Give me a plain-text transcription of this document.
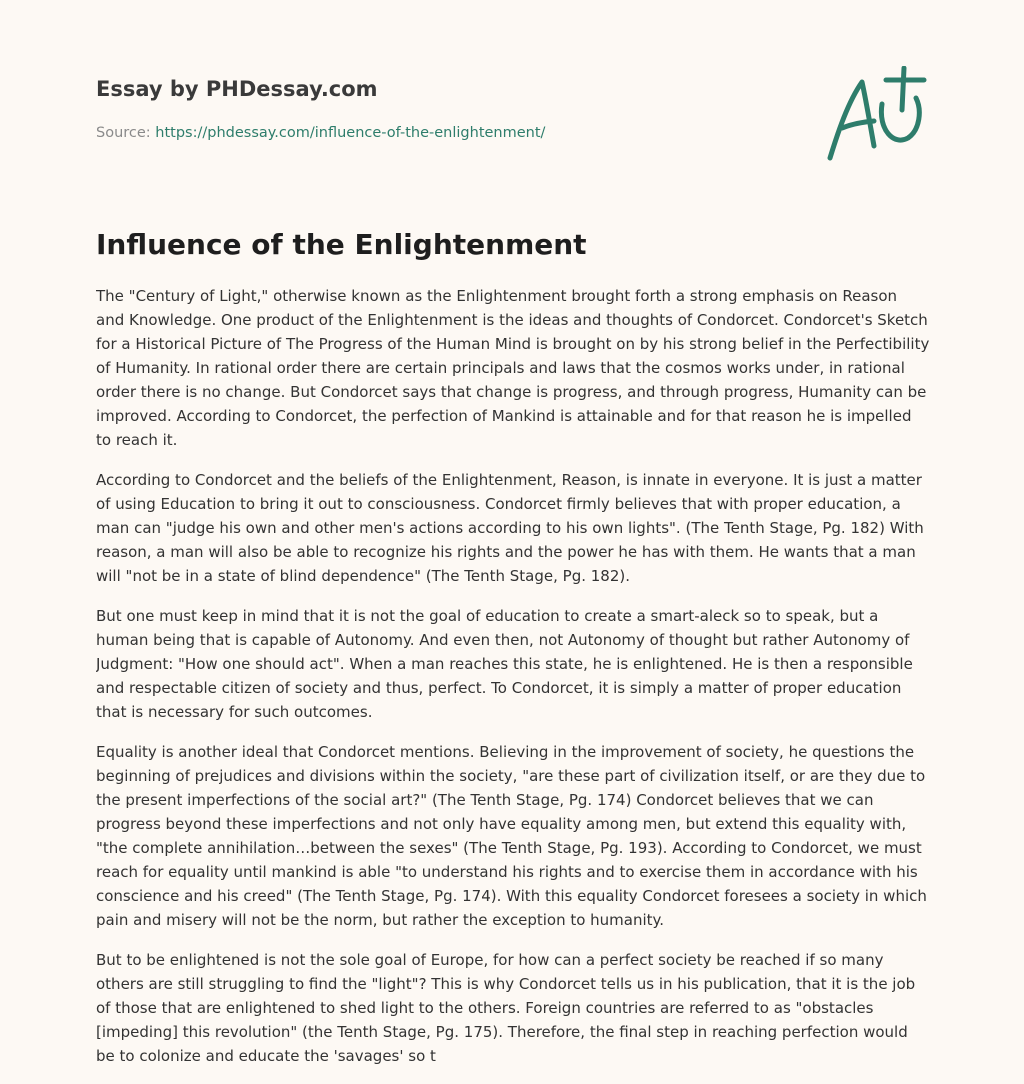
Essay by PHDessay.com
Source: https://phdessay.com/influence-of-the-enlightenment/
Influence of the Enlightenment

The "Century of Light," otherwise known as the Enlightenment brought forth a strong emphasis on Reason and Knowledge. One product of the Enlightenment is the ideas and thoughts of Condorcet. Condorcet's Sketch for a Historical Picture of The Progress of the Human Mind is brought on by his strong belief in the Perfectibility of Humanity. In rational order there are certain principals and laws that the cosmos works under, in rational order there is no change. But Condorcet says that change is progress, and through progress, Humanity can be improved. According to Condorcet, the perfection of Mankind is attainable and for that reason he is impelled to reach it.

According to Condorcet and the beliefs of the Enlightenment, Reason, is innate in everyone. It is just a matter of using Education to bring it out to consciousness. Condorcet firmly believes that with proper education, a man can "judge his own and other men's actions according to his own lights". (The Tenth Stage, Pg. 182) With reason, a man will also be able to recognize his rights and the power he has with them. He wants that a man will "not be in a state of blind dependence" (The Tenth Stage, Pg. 182).

But one must keep in mind that it is not the goal of education to create a smart-aleck so to speak, but a human being that is capable of Autonomy. And even then, not Autonomy of thought but rather Autonomy of Judgment: "How one should act". When a man reaches this state, he is enlightened. He is then a responsible and respectable citizen of society and thus, perfect. To Condorcet, it is simply a matter of proper education that is necessary for such outcomes.

Equality is another ideal that Condorcet mentions. Believing in the improvement of society, he questions the beginning of prejudices and divisions within the society, "are these part of civilization itself, or are they due to the present imperfections of the social art?" (The Tenth Stage, Pg. 174) Condorcet believes that we can progress beyond these imperfections and not only have equality among men, but extend this equality with, "the complete annihilation…between the sexes" (The Tenth Stage, Pg. 193). According to Condorcet, we must reach for equality until mankind is able "to understand his rights and to exercise them in accordance with his conscience and his creed" (The Tenth Stage, Pg. 174). With this equality Condorcet foresees a society in which pain and misery will not be the norm, but rather the exception to humanity.

But to be enlightened is not the sole goal of Europe, for how can a perfect society be reached if so many others are still struggling to find the "light"? This is why Condorcet tells us in his publication, that it is the job of those that are enlightened to shed light to the others. Foreign countries are referred to as "obstacles [impeding] this revolution" (the Tenth Stage, Pg. 175). Therefore, the final step in reaching perfection would be to colonize and educate the 'savages' so t
